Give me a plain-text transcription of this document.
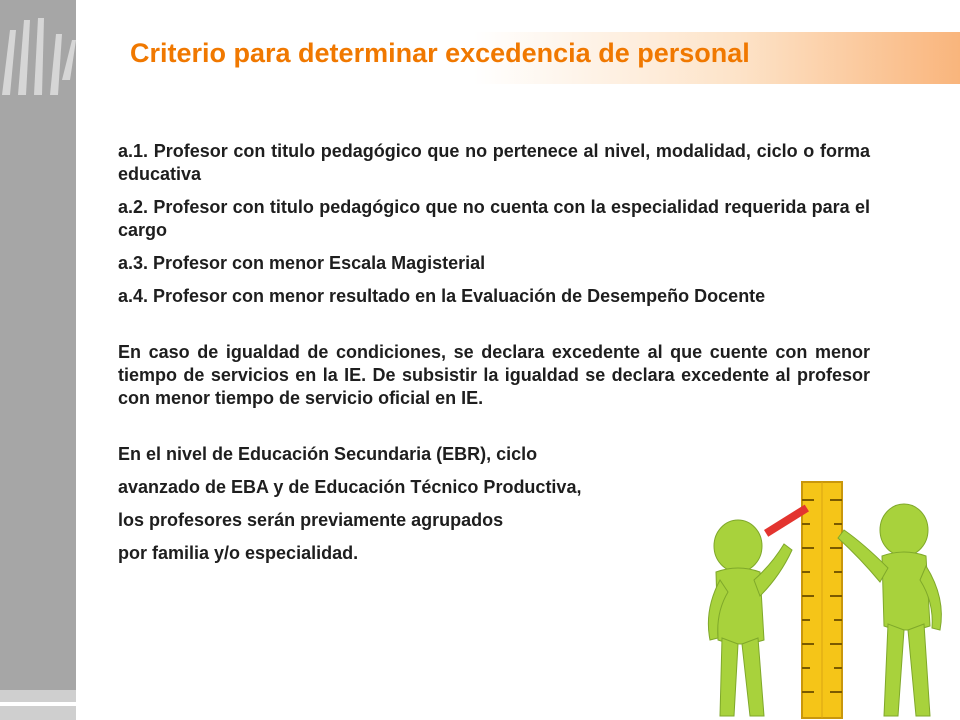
Criterio para determinar excedencia de personal

a.1. Profesor con titulo pedagógico que no pertenece al nivel, modalidad, ciclo o forma educativa

a.2. Profesor con titulo pedagógico que no cuenta con la especialidad requerida para el cargo

a.3. Profesor con menor Escala Magisterial

a.4. Profesor con menor resultado en la Evaluación de Desempeño Docente

En caso de igualdad de condiciones, se declara excedente al que cuente con menor tiempo de servicios en la IE. De subsistir la igualdad se declara excedente al profesor con menor tiempo de servicio oficial en IE.

En el nivel de Educación Secundaria (EBR), ciclo

avanzado de EBA y de Educación Técnico Productiva,

los profesores serán previamente agrupados

por familia y/o especialidad.
